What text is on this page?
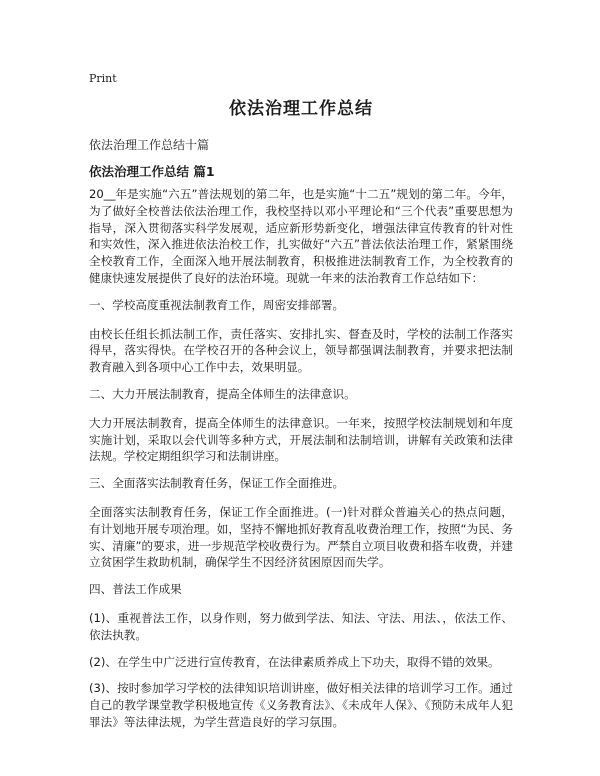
Print
依法治理工作总结
依法治理工作总结十篇
依法治理工作总结 篇1

20__年是实施“六五”普法规划的第二年，也是实施“十二五”规划的第二年。今年，为了做好全校普法依法治理工作，我校坚持以邓小平理论和“三个代表”重要思想为指导，深入贯彻落实科学发展观，适应新形势新变化，增强法律宣传教育的针对性和实效性，深入推进依法治校工作，扎实做好“六五”普法依法治理工作，紧紧围绕全校教育工作，全面深入地开展法制教育，积极推进法制教育工作，为全校教育的健康快速发展提供了良好的法治环境。现就一年来的法治教育工作总结如下：

一、学校高度重视法制教育工作，周密安排部署。

由校长任组长抓法制工作，责任落实、安排扎实、督查及时，学校的法制工作落实得早，落实得快。在学校召开的各种会议上，领导都强调法制教育，并要求把法制教育融入到各项中心工作中去，效果明显。

二、大力开展法制教育，提高全体师生的法律意识。

大力开展法制教育，提高全体师生的法律意识。一年来，按照学校法制规划和年度实施计划，采取以会代训等多种方式，开展法制和法制培训，讲解有关政策和法律法规。学校定期组织学习和法制讲座。

三、全面落实法制教育任务，保证工作全面推进。

全面落实法制教育任务，保证工作全面推进。(一)针对群众普遍关心的热点问题，有计划地开展专项治理。如，坚持不懈地抓好教育乱收费治理工作，按照“为民、务实、清廉”的要求，进一步规范学校收费行为。严禁自立项目收费和搭车收费，并建立贫困学生救助机制，确保学生不因经济贫困原因而失学。

四、普法工作成果

(1)、重视普法工作，以身作则，努力做到学法、知法、守法、用法、，依法工作、依法执教。

(2)、在学生中广泛进行宣传教育，在法律素质养成上下功夫，取得不错的效果。

(3)、按时参加学习学校的法律知识培训讲座，做好相关法律的培训学习工作。通过自己的教学课堂教学积极地宣传《义务教育法》、《未成年人保》、《预防未成年人犯罪法》等法律法规，为学生营造良好的学习氛围。
